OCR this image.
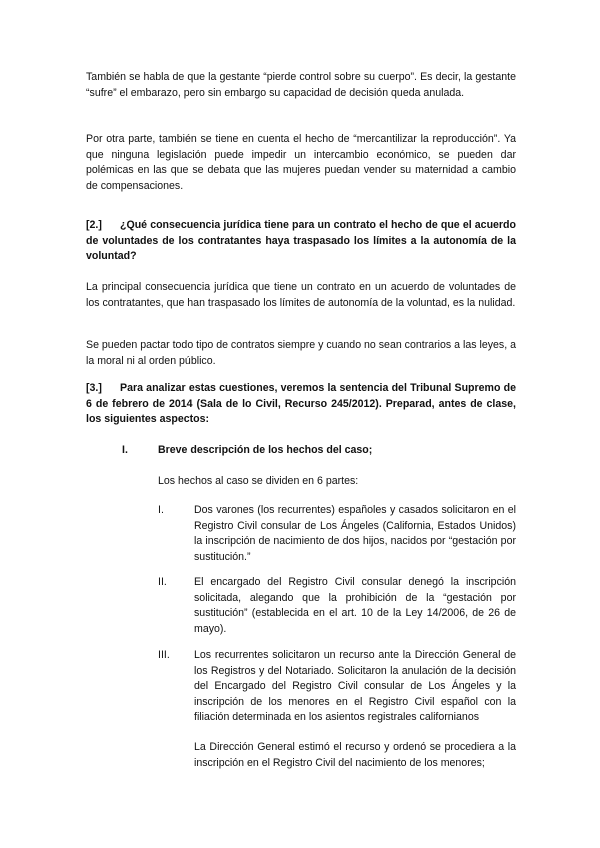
También se habla de que la gestante “pierde control sobre su cuerpo”. Es decir, la gestante “sufre” el embarazo, pero sin embargo su capacidad de decisión queda anulada.

Por otra parte, también se tiene en cuenta el hecho de “mercantilizar la reproducción”. Ya que ninguna legislación puede impedir un intercambio económico, se pueden dar polémicas en las que se debata que las mujeres puedan vender su maternidad a cambio de compensaciones.

[2.]	¿Qué consecuencia jurídica tiene para un contrato el hecho de que el acuerdo de voluntades de los contratantes haya traspasado los límites a la autonomía de la voluntad?

La principal consecuencia jurídica que tiene un contrato en un acuerdo de voluntades de los contratantes, que han traspasado los límites de autonomía de la voluntad, es la nulidad.

Se pueden pactar todo tipo de contratos siempre y cuando no sean contrarios a las leyes, a la moral ni al orden público.

[3.]	Para analizar estas cuestiones, veremos la sentencia del Tribunal Supremo de 6 de febrero de 2014 (Sala de lo Civil, Recurso 245/2012). Preparad, antes de clase, los siguientes aspectos:

I.	Breve descripción de los hechos del caso;

Los hechos al caso se dividen en 6 partes:

I.	Dos varones (los recurrentes) españoles y casados solicitaron en el Registro Civil consular de Los Ángeles (California, Estados Unidos) la inscripción de nacimiento de dos hijos, nacidos por “gestación por sustitución.”

II.	El encargado del Registro Civil consular denegó la inscripción solicitada, alegando que la prohibición de la “gestación por sustitución” (establecida en el art. 10 de la Ley 14/2006, de 26 de mayo).

III. Los recurrentes solicitaron un recurso ante la Dirección General de los Registros y del Notariado. Solicitaron la anulación de la decisión del Encargado del Registro Civil consular de Los Ángeles y la inscripción de los menores en el Registro Civil español con la filiación determinada en los asientos registrales californianos

La Dirección General estimó el recurso y ordenó se procediera a la inscripción en el Registro Civil del nacimiento de los menores;
